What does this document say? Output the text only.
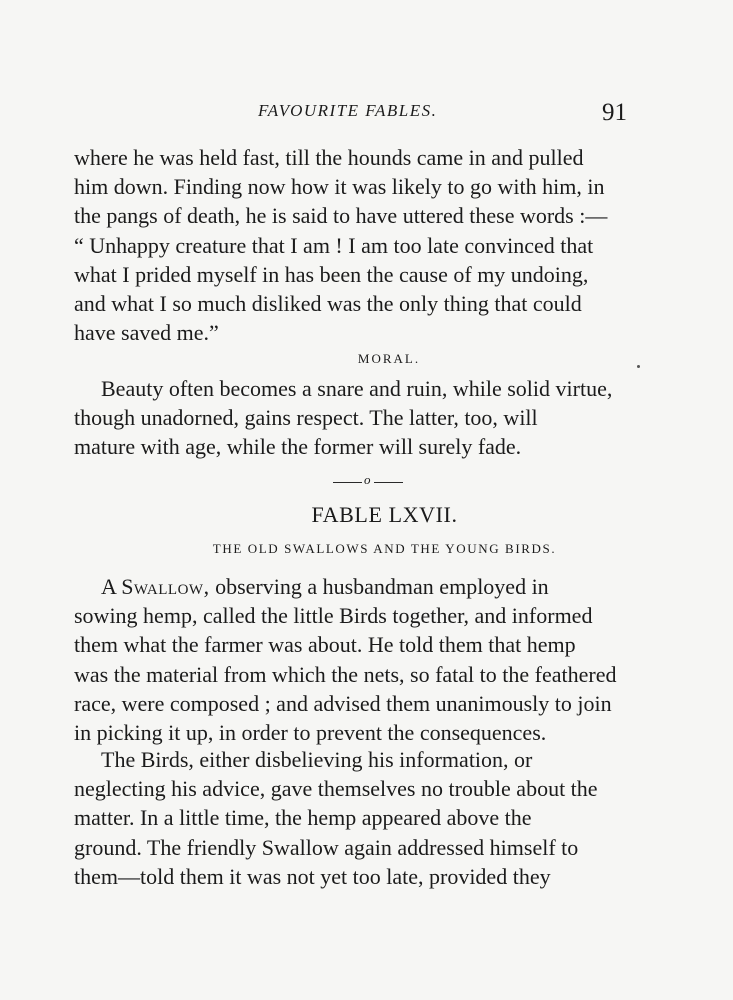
FAVOURITE FABLES.	91

where he was held fast, till the hounds came in and pulled

him down. Finding now how it was likely to go with him, in

the pangs of death, he is said to have uttered these words :—

“ Unhappy creature that I am ! I am too late convinced that

what I prided myself in has been the cause of my undoing,

and what I so much disliked was the only thing that could

have saved me.”

MORAL.

Beauty often becomes a snare and ruin, while solid virtue,

though unadorned, gains respect. The latter, too, will

mature with age, while the former will surely fade.

o
FABLE LXVII.
THE OLD SWALLOWS AND THE YOUNG BIRDS.

A Swallow, observing a husbandman employed in

sowing hemp, called the little Birds together, and informed

them what the farmer was about. He told them that hemp

was the material from which the nets, so fatal to the feathered

race, were composed ; and advised them unanimously to join

in picking it up, in order to prevent the consequences.

The Birds, either disbelieving his information, or

neglecting his advice, gave themselves no trouble about the

matter. In a little time, the hemp appeared above the

ground. The friendly Swallow again addressed himself to

them—told them it was not yet too late, provided they
